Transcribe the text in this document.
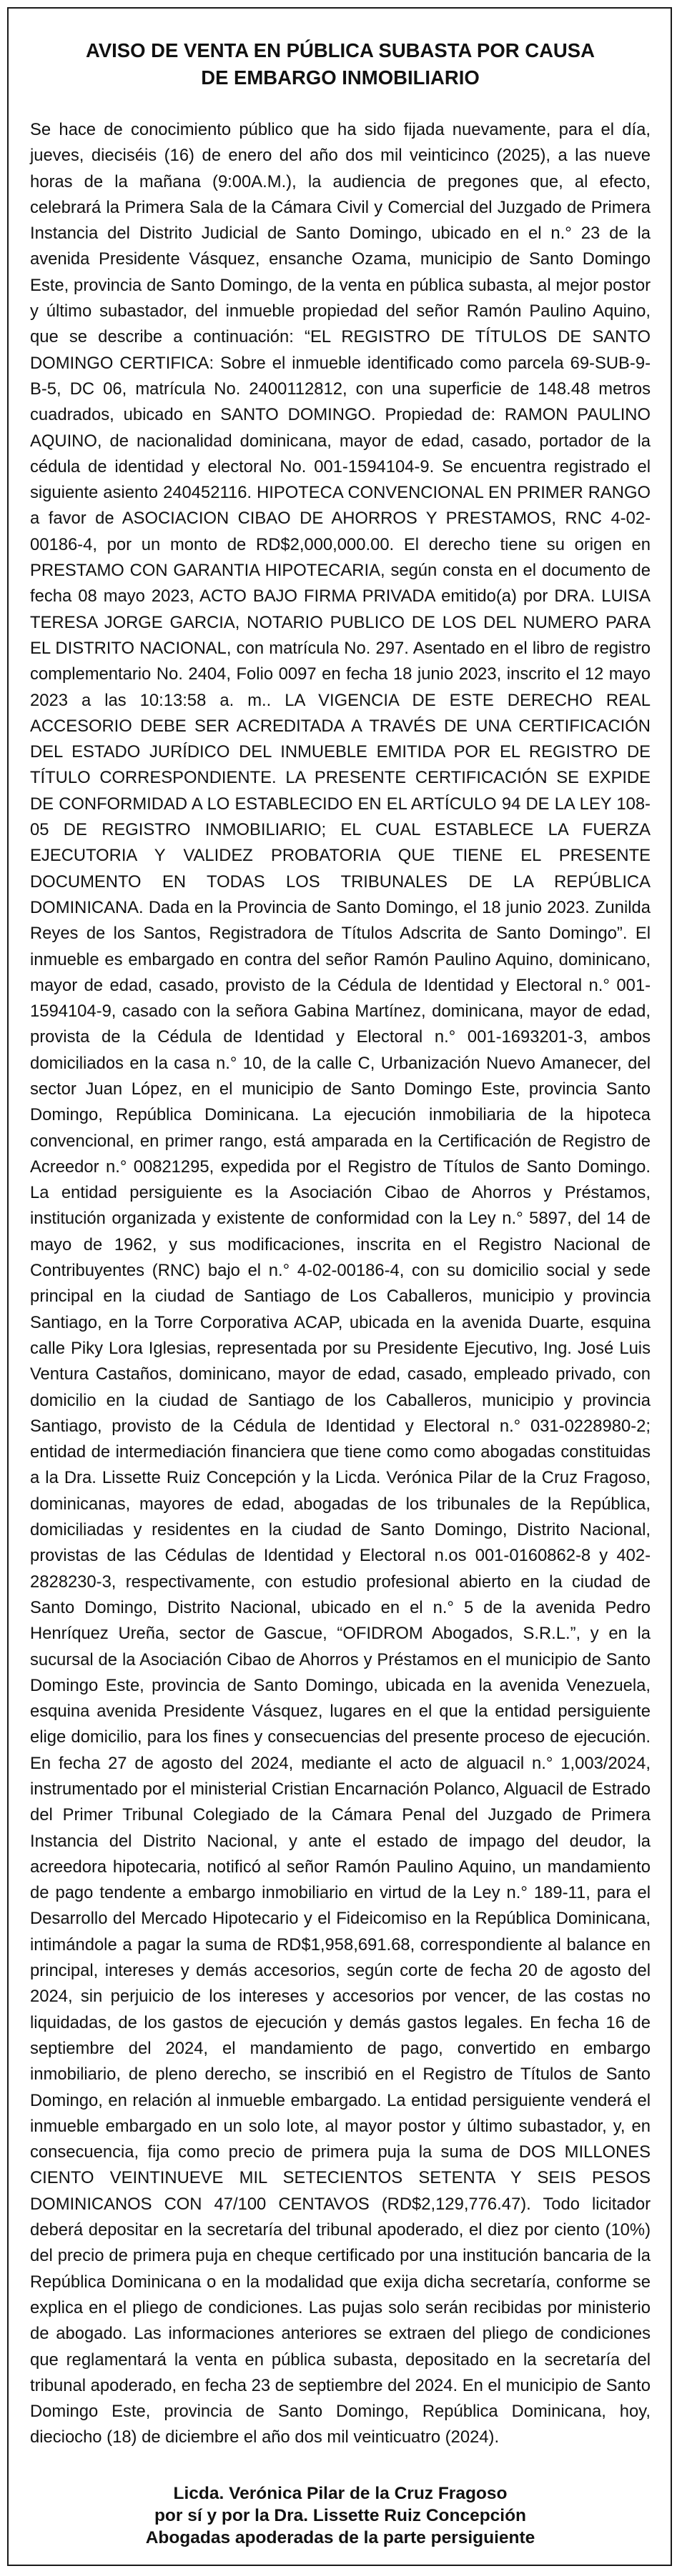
AVISO DE VENTA EN PÚBLICA SUBASTA POR CAUSA
DE EMBARGO INMOBILIARIO

Se hace de conocimiento público que ha sido fijada nuevamente, para el día, jueves, dieciséis (16) de enero del año dos mil veinticinco (2025), a las nueve horas de la mañana (9:00A.M.), la audiencia de pregones que, al efecto, celebrará la Primera Sala de la Cámara Civil y Comercial del Juzgado de Primera Instancia del Distrito Judicial de Santo Domingo, ubicado en el n.° 23 de la avenida Presidente Vásquez, ensanche Ozama, municipio de Santo Domingo Este, provincia de Santo Domingo, de la venta en pública subasta, al mejor postor y último subastador, del inmueble propiedad del señor Ramón Paulino Aquino, que se describe a continuación: “EL REGISTRO DE TÍTULOS DE SANTO DOMINGO CERTIFICA: Sobre el inmueble identificado como parcela 69-SUB-9-B-5, DC 06, matrícula No. 2400112812, con una superficie de 148.48 metros cuadrados, ubicado en SANTO DOMINGO. Propiedad de: RAMON PAULINO AQUINO, de nacionalidad dominicana, mayor de edad, casado, portador de la cédula de identidad y electoral No. 001-1594104-9. Se encuentra registrado el siguiente asiento 240452116. HIPOTECA CONVENCIONAL EN PRIMER RANGO a favor de ASOCIACION CIBAO DE AHORROS Y PRESTAMOS, RNC 4-02-00186-4, por un monto de RD$2,000,000.00. El derecho tiene su origen en PRESTAMO CON GARANTIA HIPOTECARIA, según consta en el documento de fecha 08 mayo 2023, ACTO BAJO FIRMA PRIVADA emitido(a) por DRA. LUISA TERESA JORGE GARCIA, NOTARIO PUBLICO DE LOS DEL NUMERO PARA EL DISTRITO NACIONAL, con matrícula No. 297. Asentado en el libro de registro complementario No. 2404, Folio 0097 en fecha 18 junio 2023, inscrito el 12 mayo 2023 a las 10:13:58 a. m.. LA VIGENCIA DE ESTE DERECHO REAL ACCESORIO DEBE SER ACREDITADA A TRAVÉS DE UNA CERTIFICACIÓN DEL ESTADO JURÍDICO DEL INMUEBLE EMITIDA POR EL REGISTRO DE TÍTULO CORRESPONDIENTE. LA PRESENTE CERTIFICACIÓN SE EXPIDE DE CONFORMIDAD A LO ESTABLECIDO EN EL ARTÍCULO 94 DE LA LEY 108-05 DE REGISTRO INMOBILIARIO; EL CUAL ESTABLECE LA FUERZA EJECUTORIA Y VALIDEZ PROBATORIA QUE TIENE EL PRESENTE DOCUMENTO EN TODAS LOS TRIBUNALES DE LA REPÚBLICA DOMINICANA. Dada en la Provincia de Santo Domingo, el 18 junio 2023. Zunilda Reyes de los Santos, Registradora de Títulos Adscrita de Santo Domingo”. El inmueble es embargado en contra del señor Ramón Paulino Aquino, dominicano, mayor de edad, casado, provisto de la Cédula de Identidad y Electoral n.° 001-1594104-9, casado con la señora Gabina Martínez, dominicana, mayor de edad, provista de la Cédula de Identidad y Electoral n.° 001-1693201-3, ambos domiciliados en la casa n.° 10, de la calle C, Urbanización Nuevo Amanecer, del sector Juan López, en el municipio de Santo Domingo Este, provincia Santo Domingo, República Dominicana. La ejecución inmobiliaria de la hipoteca convencional, en primer rango, está amparada en la Certificación de Registro de Acreedor n.° 00821295, expedida por el Registro de Títulos de Santo Domingo. La entidad persiguiente es la Asociación Cibao de Ahorros y Préstamos, institución organizada y existente de conformidad con la Ley n.° 5897, del 14 de mayo de 1962, y sus modificaciones, inscrita en el Registro Nacional de Contribuyentes (RNC) bajo el n.° 4-02-00186-4, con su domicilio social y sede principal en la ciudad de Santiago de Los Caballeros, municipio y provincia Santiago, en la Torre Corporativa ACAP, ubicada en la avenida Duarte, esquina calle Piky Lora Iglesias, representada por su Presidente Ejecutivo, Ing. José Luis Ventura Castaños, dominicano, mayor de edad, casado, empleado privado, con domicilio en la ciudad de Santiago de los Caballeros, municipio y provincia Santiago, provisto de la Cédula de Identidad y Electoral n.° 031-0228980-2; entidad de intermediación financiera que tiene como como abogadas constituidas a la Dra. Lissette Ruiz Concepción y la Licda. Verónica Pilar de la Cruz Fragoso, dominicanas, mayores de edad, abogadas de los tribunales de la República, domiciliadas y residentes en la ciudad de Santo Domingo, Distrito Nacional, provistas de las Cédulas de Identidad y Electoral n.os 001-0160862-8 y 402-2828230-3, respectivamente, con estudio profesional abierto en la ciudad de Santo Domingo, Distrito Nacional, ubicado en el n.° 5 de la avenida Pedro Henríquez Ureña, sector de Gascue, “OFIDROM Abogados, S.R.L.”, y en la sucursal de la Asociación Cibao de Ahorros y Préstamos en el municipio de Santo Domingo Este, provincia de Santo Domingo, ubicada en la avenida Venezuela, esquina avenida Presidente Vásquez, lugares en el que la entidad persiguiente elige domicilio, para los fines y consecuencias del presente proceso de ejecución. En fecha 27 de agosto del 2024, mediante el acto de alguacil n.° 1,003/2024, instrumentado por el ministerial Cristian Encarnación Polanco, Alguacil de Estrado del Primer Tribunal Colegiado de la Cámara Penal del Juzgado de Primera Instancia del Distrito Nacional, y ante el estado de impago del deudor, la acreedora hipotecaria, notificó al señor Ramón Paulino Aquino, un mandamiento de pago tendente a embargo inmobiliario en virtud de la Ley n.° 189-11, para el Desarrollo del Mercado Hipotecario y el Fideicomiso en la República Dominicana, intimándole a pagar la suma de RD$1,958,691.68, correspondiente al balance en principal, intereses y demás accesorios, según corte de fecha 20 de agosto del 2024, sin perjuicio de los intereses y accesorios por vencer, de las costas no liquidadas, de los gastos de ejecución y demás gastos legales. En fecha 16 de septiembre del 2024, el mandamiento de pago, convertido en embargo inmobiliario, de pleno derecho, se inscribió en el Registro de Títulos de Santo Domingo, en relación al inmueble embargado. La entidad persiguiente venderá el inmueble embargado en un solo lote, al mayor postor y último subastador, y, en consecuencia, fija como precio de primera puja la suma de DOS MILLONES CIENTO VEINTINUEVE MIL SETECIENTOS SETENTA Y SEIS PESOS DOMINICANOS CON 47/100 CENTAVOS (RD$2,129,776.47). Todo licitador deberá depositar en la secretaría del tribunal apoderado, el diez por ciento (10%) del precio de primera puja en cheque certificado por una institución bancaria de la República Dominicana o en la modalidad que exija dicha secretaría, conforme se explica en el pliego de condiciones. Las pujas solo serán recibidas por ministerio de abogado. Las informaciones anteriores se extraen del pliego de condiciones que reglamentará la venta en pública subasta, depositado en la secretaría del tribunal apoderado, en fecha 23 de septiembre del 2024. En el municipio de Santo Domingo Este, provincia de Santo Domingo, República Dominicana, hoy, dieciocho (18) de diciembre el año dos mil veinticuatro (2024).

Licda. Verónica Pilar de la Cruz Fragoso
por sí y por la Dra. Lissette Ruiz Concepción
Abogadas apoderadas de la parte persiguiente
